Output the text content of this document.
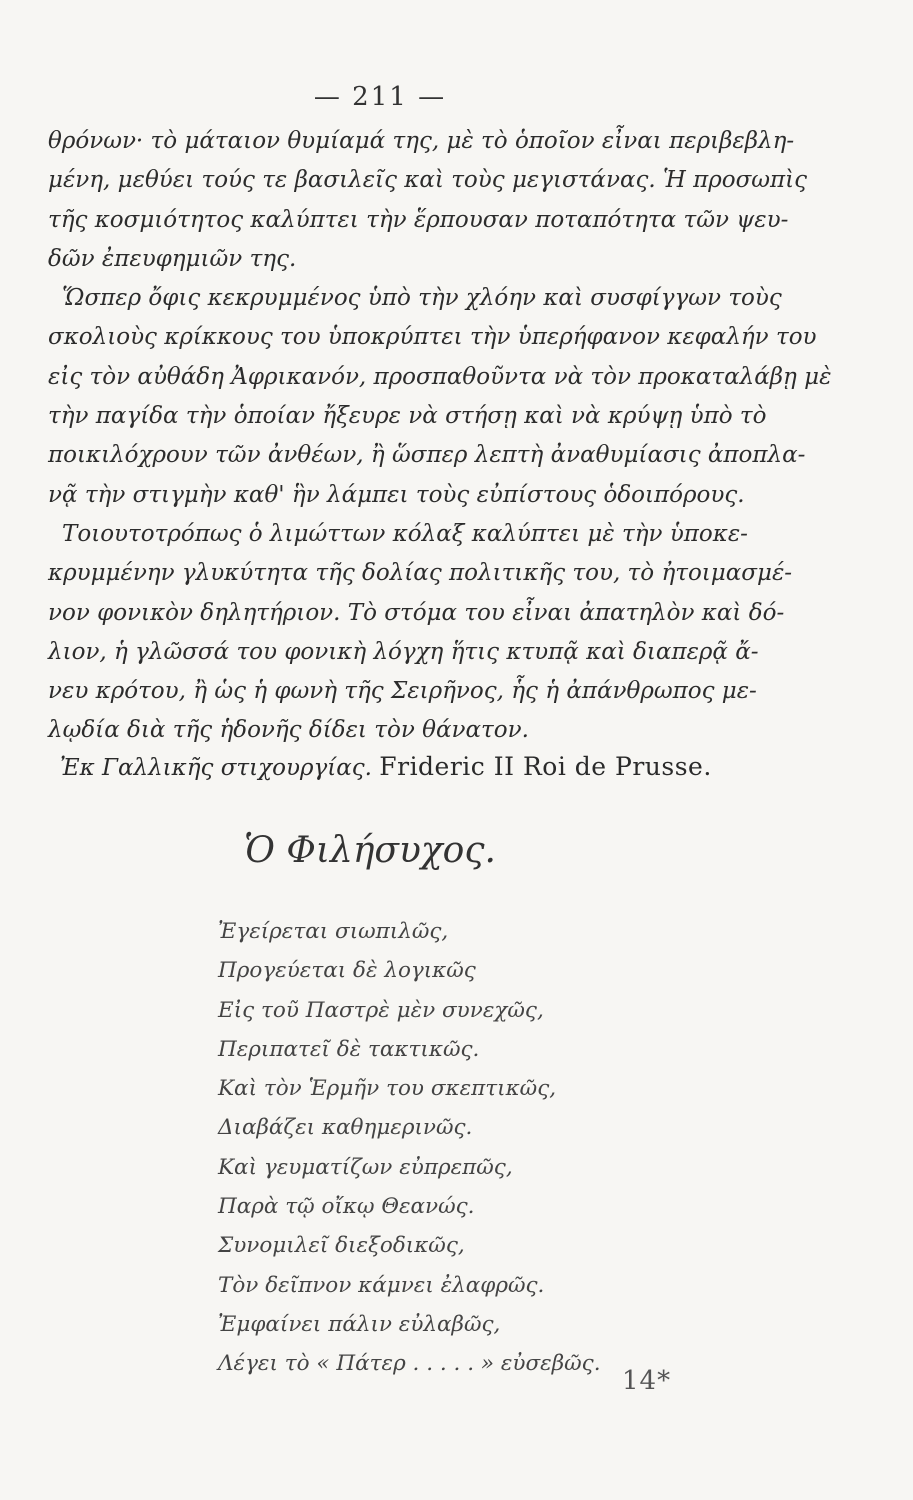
— 211 —
θρόνων· τὸ μάταιον θυμίαμά της, μὲ τὸ ὁποῖον εἶναι περιβεβλη-
μένη, μεθύει τούς τε βασιλεῖς καὶ τοὺς μεγιστάνας. Ἡ προσωπὶς
τῆς κοσμιότητος καλύπτει τὴν ἕρπουσαν ποταπότητα τῶν ψευ-
δῶν ἐπευφημιῶν της.
Ὥσπερ ὄφις κεκρυμμένος ὑπὸ τὴν χλόην καὶ συσφίγγων τοὺς
σκολιοὺς κρίκκους του ὑποκρύπτει τὴν ὑπερήφανον κεφαλήν του
εἰς τὸν αὐθάδη Ἀφρικανόν, προσπαθοῦντα νὰ τὸν προκαταλάβῃ μὲ
τὴν παγίδα τὴν ὁποίαν ἤξευρε νὰ στήσῃ καὶ νὰ κρύψῃ ὑπὸ τὸ
ποικιλόχρουν τῶν ἀνθέων, ἢ ὥσπερ λεπτὴ ἀναθυμίασις ἀποπλα-
νᾷ τὴν στιγμὴν καθ' ἣν λάμπει τοὺς εὐπίστους ὁδοιπόρους.
Τοιουτοτρόπως ὁ λιμώττων κόλαξ καλύπτει μὲ τὴν ὑποκε-
κρυμμένην γλυκύτητα τῆς δολίας πολιτικῆς του, τὸ ἠτοιμασμέ-
νον φονικὸν δηλητήριον. Τὸ στόμα του εἶναι ἀπατηλὸν καὶ δό-
λιον, ἡ γλῶσσά του φονικὴ λόγχη ἥτις κτυπᾷ καὶ διαπερᾷ ἄ-
νευ κρότου, ἢ ὡς ἡ φωνὴ τῆς Σειρῆνος, ἧς ἡ ἀπάνθρωπος με-
λῳδία διὰ τῆς ἡδονῆς δίδει τὸν θάνατον.
Ἐκ Γαλλικῆς στιχουργίας. Frideric II Roi de Prusse.
Ὁ Φιλήσυχος.
Ἐγείρεται σιωπιλῶς,
Προγεύεται δὲ λογικῶς
Εἰς τοῦ Παστρὲ μὲν συνεχῶς,
Περιπατεῖ δὲ τακτικῶς.
Καὶ τὸν Ἑρμῆν του σκεπτικῶς,
Διαβάζει καθημερινῶς.
Καὶ γευματίζων εὐπρεπῶς,
Παρὰ τῷ οἴκῳ Θεανώς.
Συνομιλεῖ διεξοδικῶς,
Τὸν δεῖπνον κάμνει ἐλαφρῶς.
Ἐμφαίνει πάλιν εὐλαβῶς,
Λέγει τὸ « Πάτερ . . . . . » εὐσεβῶς.
14*
